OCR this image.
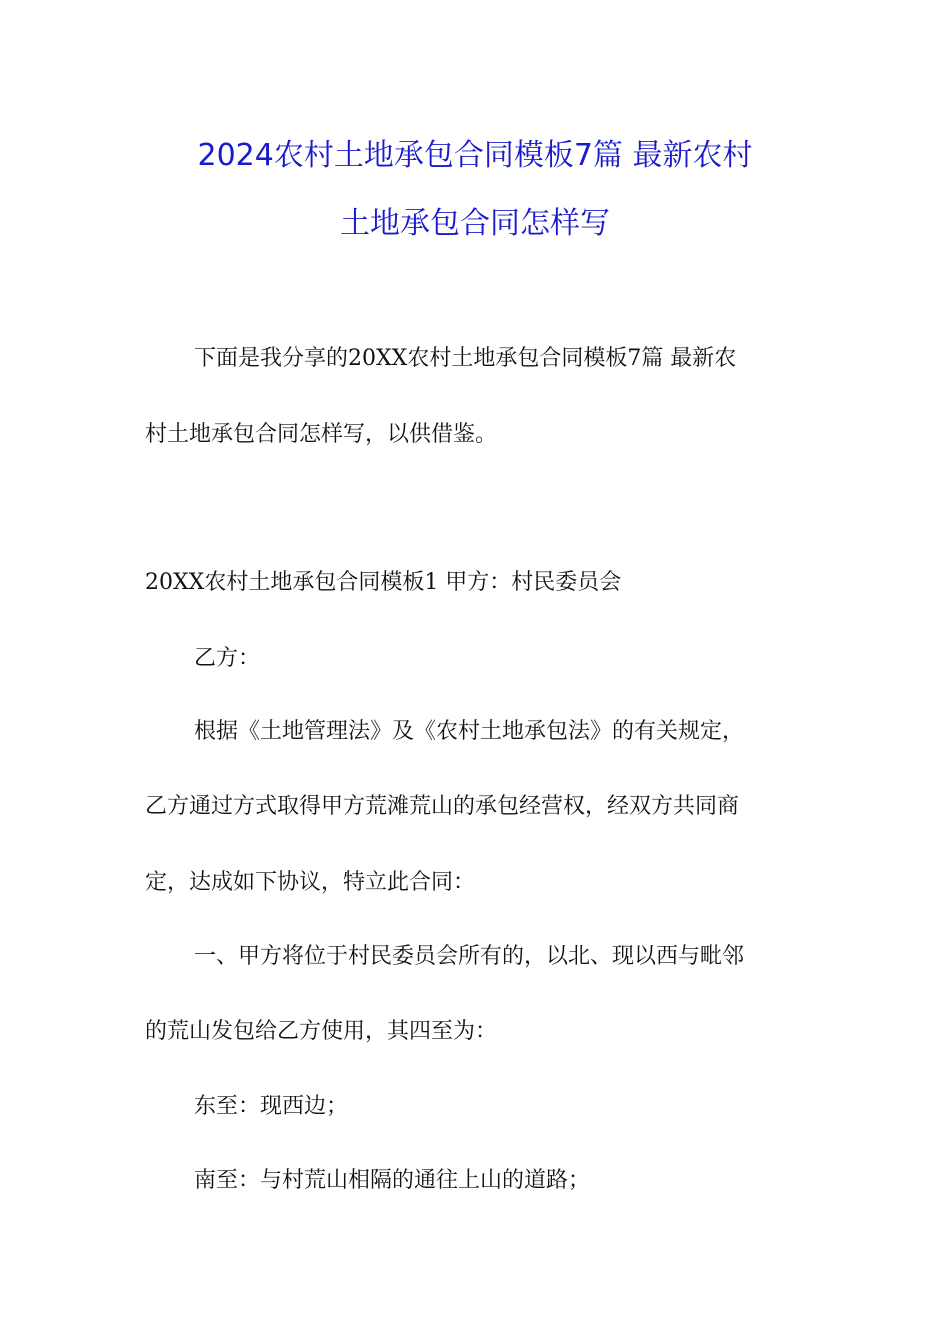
2024农村土地承包合同模板7篇 最新农村
土地承包合同怎样写
下面是我分享的20XX农村土地承包合同模板7篇 最新农
村土地承包合同怎样写，以供借鉴。
20XX农村土地承包合同模板1 甲方：村民委员会
乙方：
根据《土地管理法》及《农村土地承包法》的有关规定，
乙方通过方式取得甲方荒滩荒山的承包经营权，经双方共同商
定，达成如下协议，特立此合同：
一、甲方将位于村民委员会所有的，以北、现以西与毗邻
的荒山发包给乙方使用，其四至为：
东至：现西边；
南至：与村荒山相隔的通往上山的道路；
